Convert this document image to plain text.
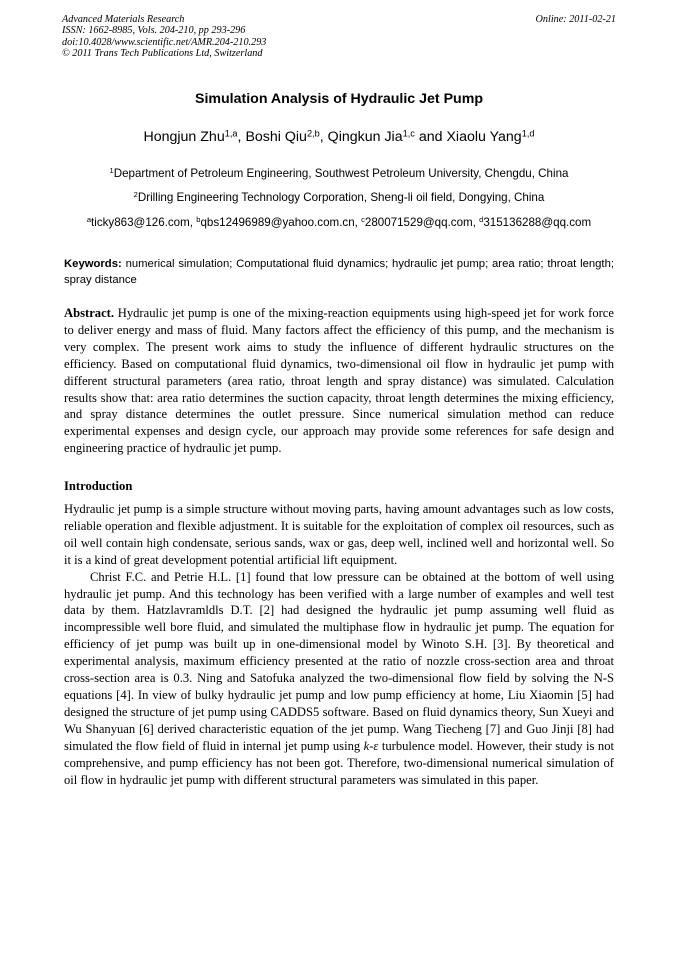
Advanced Materials Research
ISSN: 1662-8985, Vols. 204-210, pp 293-296
doi:10.4028/www.scientific.net/AMR.204-210.293
© 2011 Trans Tech Publications Ltd, Switzerland
Online: 2011-02-21
Simulation Analysis of Hydraulic Jet Pump
Hongjun Zhu$^{1,a}$, Boshi Qiu$^{2,b}$, Qingkun Jia$^{1,c}$ and Xiaolu Yang$^{1,d}$
$^1$Department of Petroleum Engineering, Southwest Petroleum University, Chengdu, China
$^2$Drilling Engineering Technology Corporation, Sheng-li oil field, Dongying, China
$^a$ticky863@126.com, $^b$qbs12496989@yahoo.com.cn, $^c$280071529@qq.com, $^d$315136288@qq.com
Keywords: numerical simulation; Computational fluid dynamics; hydraulic jet pump; area ratio; throat length; spray distance

Abstract. Hydraulic jet pump is one of the mixing-reaction equipments using high-speed jet for work force to deliver energy and mass of fluid. Many factors affect the efficiency of this pump, and the mechanism is very complex. The present work aims to study the influence of different hydraulic structures on the efficiency. Based on computational fluid dynamics, two-dimensional oil flow in hydraulic jet pump with different structural parameters (area ratio, throat length and spray distance) was simulated. Calculation results show that: area ratio determines the suction capacity, throat length determines the mixing efficiency, and spray distance determines the outlet pressure. Since numerical simulation method can reduce experimental expenses and design cycle, our approach may provide some references for safe design and engineering practice of hydraulic jet pump.

Introduction

Hydraulic jet pump is a simple structure without moving parts, having amount advantages such as low costs, reliable operation and flexible adjustment. It is suitable for the exploitation of complex oil resources, such as oil well contain high condensate, serious sands, wax or gas, deep well, inclined well and horizontal well. So it is a kind of great development potential artificial lift equipment.

Christ F.C. and Petrie H.L. [1] found that low pressure can be obtained at the bottom of well using hydraulic jet pump. And this technology has been verified with a large number of examples and well test data by them. Hatzlavramldls D.T. [2] had designed the hydraulic jet pump assuming well fluid as incompressible well bore fluid, and simulated the multiphase flow in hydraulic jet pump. The equation for efficiency of jet pump was built up in one-dimensional model by Winoto S.H. [3]. By theoretical and experimental analysis, maximum efficiency presented at the ratio of nozzle cross-section area and throat cross-section area is 0.3. Ning and Satofuka analyzed the two-dimensional flow field by solving the N-S equations [4]. In view of bulky hydraulic jet pump and low pump efficiency at home, Liu Xiaomin [5] had designed the structure of jet pump using CADDS5 software. Based on fluid dynamics theory, Sun Xueyi and Wu Shanyuan [6] derived characteristic equation of the jet pump. Wang Tiecheng [7] and Guo Jinji [8] had simulated the flow field of fluid in internal jet pump using k-ε turbulence model. However, their study is not comprehensive, and pump efficiency has not been got. Therefore, two-dimensional numerical simulation of oil flow in hydraulic jet pump with different structural parameters was simulated in this paper.
